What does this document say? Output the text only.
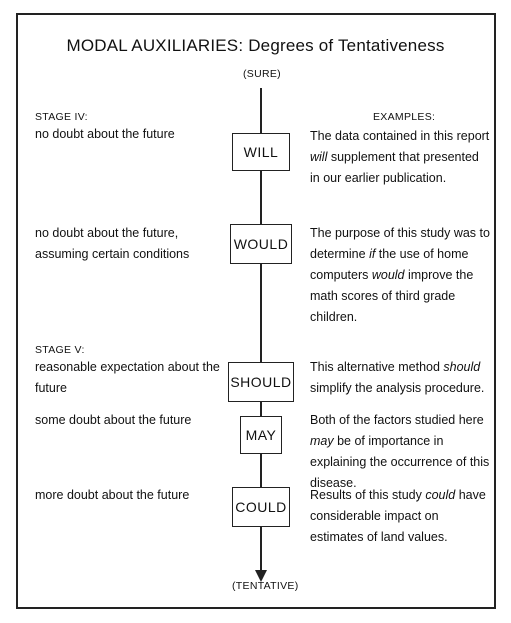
MODAL AUXILIARIES: Degrees of Tentativeness
(SURE)
(TENTATIVE)
STAGE IV:	EXAMPLES:
STAGE V:
no doubt about the future
WILL
The data contained in this report will supplement that presented in our earlier publication.
no doubt about the future, assuming certain conditions
WOULD
The purpose of this study was to determine if the use of home computers would improve the math scores of third grade children.
reasonable expectation about the future	SHOULD
This alternative method should simplify the analysis procedure.
some doubt about the future
MAY
Both of the factors studied here may be of importance in explaining the occurrence of this disease.
more doubt about the future
COULD
Results of this study could have considerable impact on estimates of land values.
